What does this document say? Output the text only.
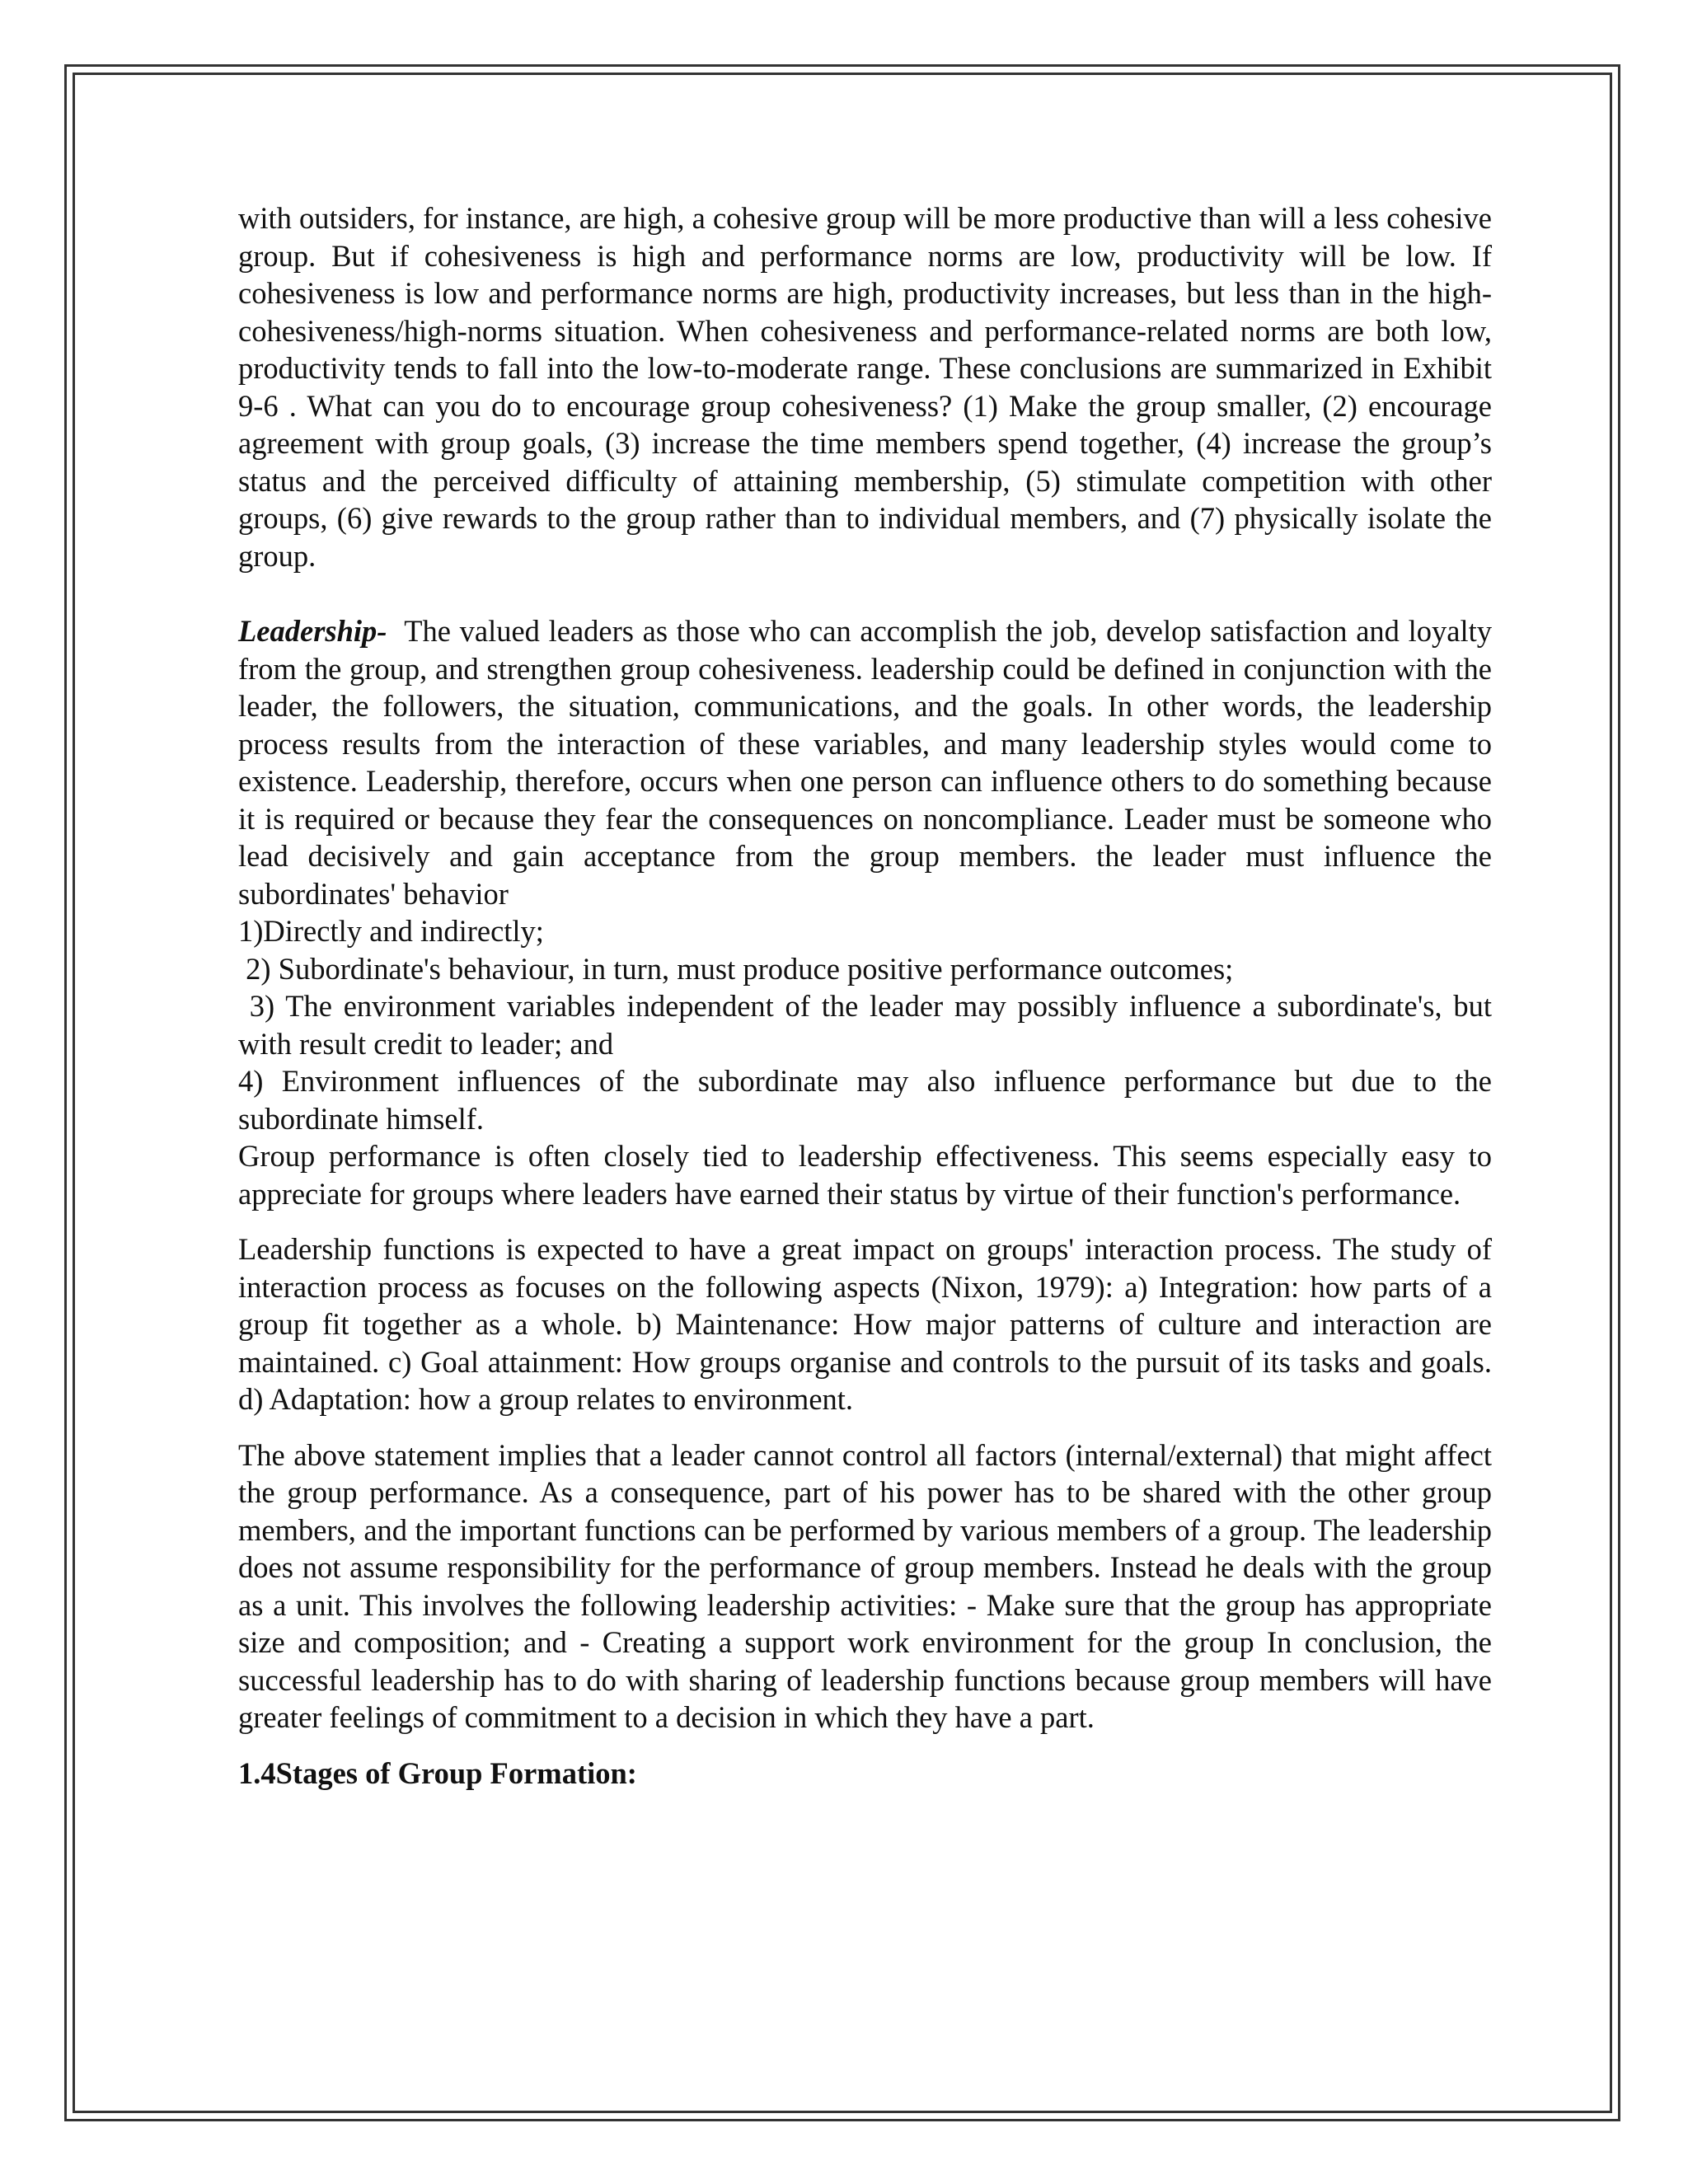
with outsiders, for instance, are high, a cohesive group will be more productive than will a less cohesive group. But if cohesiveness is high and performance norms are low, productivity will be low. If cohesiveness is low and performance norms are high, productivity increases, but less than in the high-cohesiveness/high-norms situation. When cohesiveness and performance-related norms are both low, productivity tends to fall into the low-to-moderate range. These conclusions are summarized in Exhibit 9-6 . What can you do to encourage group cohesiveness? (1) Make the group smaller, (2) encourage agreement with group goals, (3) increase the time members spend together, (4) increase the group’s status and the perceived difficulty of attaining membership, (5) stimulate competition with other groups, (6) give rewards to the group rather than to individual members, and (7) physically isolate the group.

Leadership- The valued leaders as those who can accomplish the job, develop satisfaction and loyalty from the group, and strengthen group cohesiveness. leadership could be defined in conjunction with the leader, the followers, the situation, communications, and the goals. In other words, the leadership process results from the interaction of these variables, and many leadership styles would come to existence. Leadership, therefore, occurs when one person can influence others to do something because it is required or because they fear the consequences on noncompliance. Leader must be someone who lead decisively and gain acceptance from the group members. the leader must influence the subordinates' behavior

1)Directly and indirectly;

2) Subordinate's behaviour, in turn, must produce positive performance outcomes;

3) The environment variables independent of the leader may possibly influence a subordinate's, but with result credit to leader; and

4) Environment influences of the subordinate may also influence performance but due to the subordinate himself.

Group performance is often closely tied to leadership effectiveness. This seems especially easy to appreciate for groups where leaders have earned their status by virtue of their function's performance.

Leadership functions is expected to have a great impact on groups' interaction process. The study of interaction process as focuses on the following aspects (Nixon, 1979): a) Integration: how parts of a group fit together as a whole. b) Maintenance: How major patterns of culture and interaction are maintained. c) Goal attainment: How groups organise and controls to the pursuit of its tasks and goals. d) Adaptation: how a group relates to environment.

The above statement implies that a leader cannot control all factors (internal/external) that might affect the group performance. As a consequence, part of his power has to be shared with the other group members, and the important functions can be performed by various members of a group. The leadership does not assume responsibility for the performance of group members. Instead he deals with the group as a unit. This involves the following leadership activities: - Make sure that the group has appropriate size and composition; and - Creating a support work environment for the group In conclusion, the successful leadership has to do with sharing of leadership functions because group members will have greater feelings of commitment to a decision in which they have a part.

1.4Stages of Group Formation:
